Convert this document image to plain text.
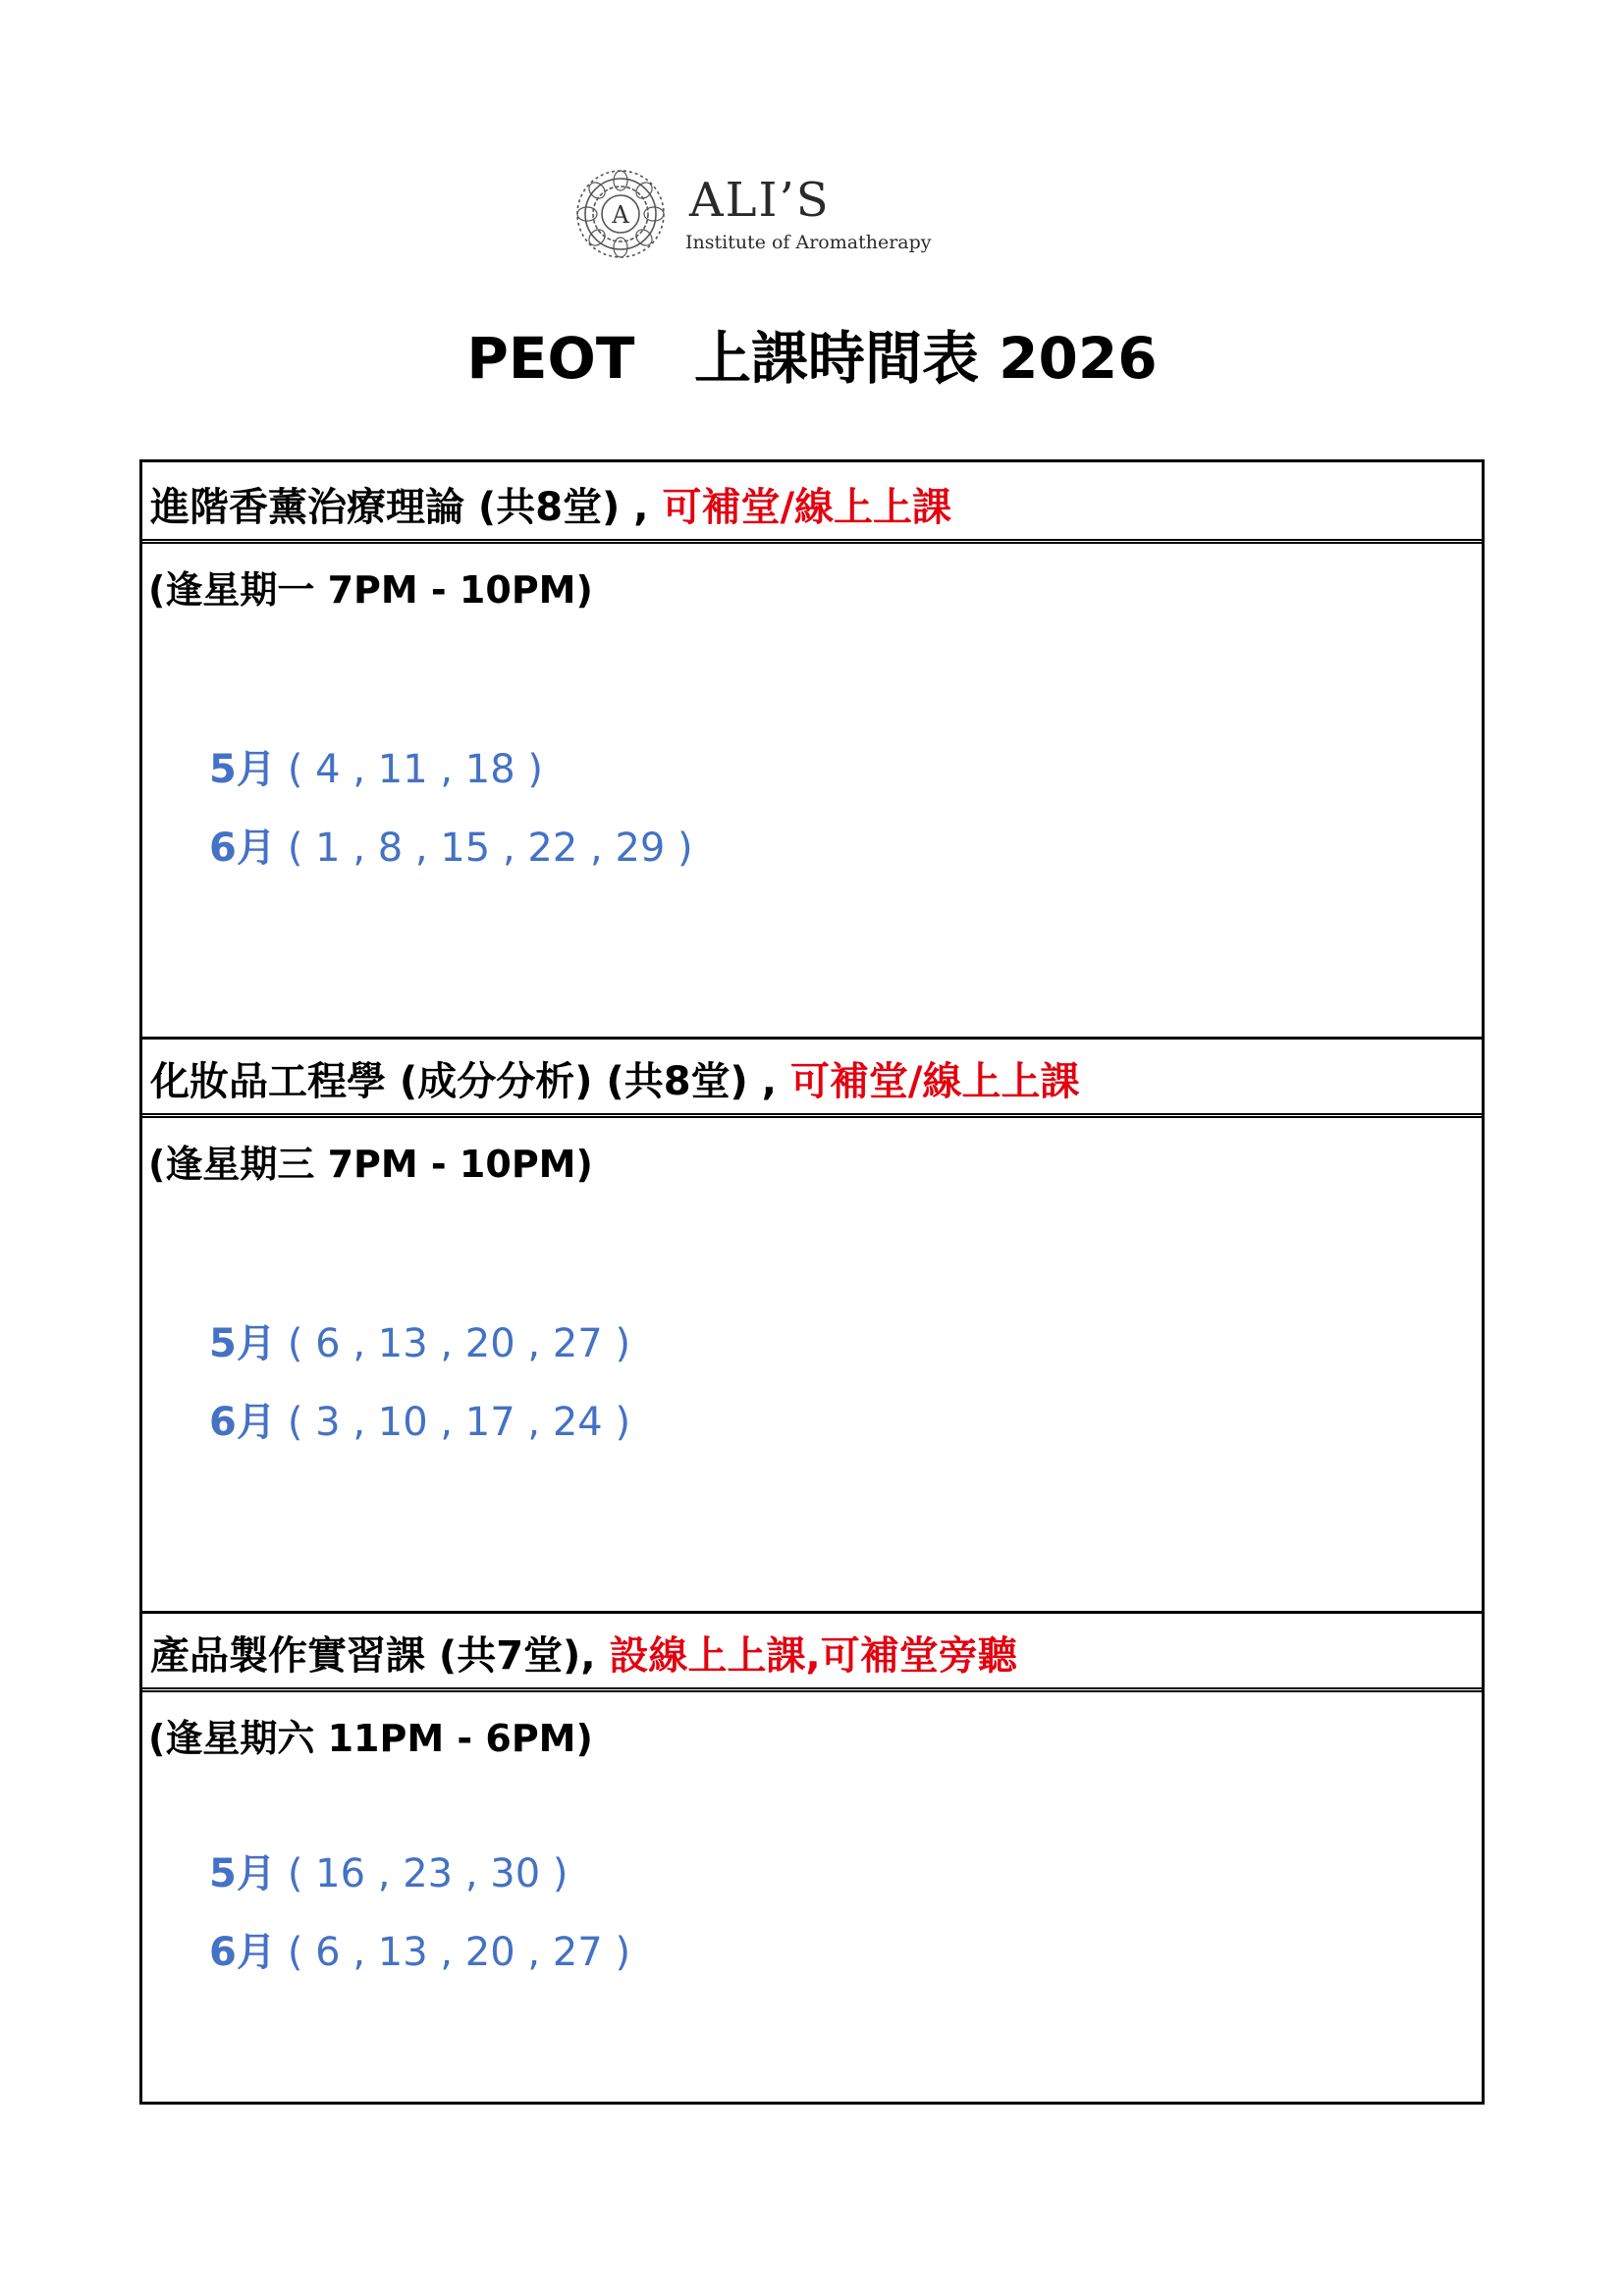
A ALI’S
Institute of Aromatherapy
PEOT   上課時間表 2026
進階香薰治療理論 (共8堂) , 可補堂/線上上課
(逢星期一 7PM - 10PM)
5月 ( 4 , 11 , 18 )
6月 ( 1 , 8 , 15 , 22 , 29 )
化妝品工程學 (成分分析) (共8堂) , 可補堂/線上上課
(逢星期三 7PM - 10PM)
5月 ( 6 , 13 , 20 , 27 )
6月 ( 3 , 10 , 17 , 24 )
產品製作實習課 (共7堂), 設線上上課,可補堂旁聽
(逢星期六 11PM - 6PM)
5月 ( 16 , 23 , 30 )
6月 ( 6 , 13 , 20 , 27 )
